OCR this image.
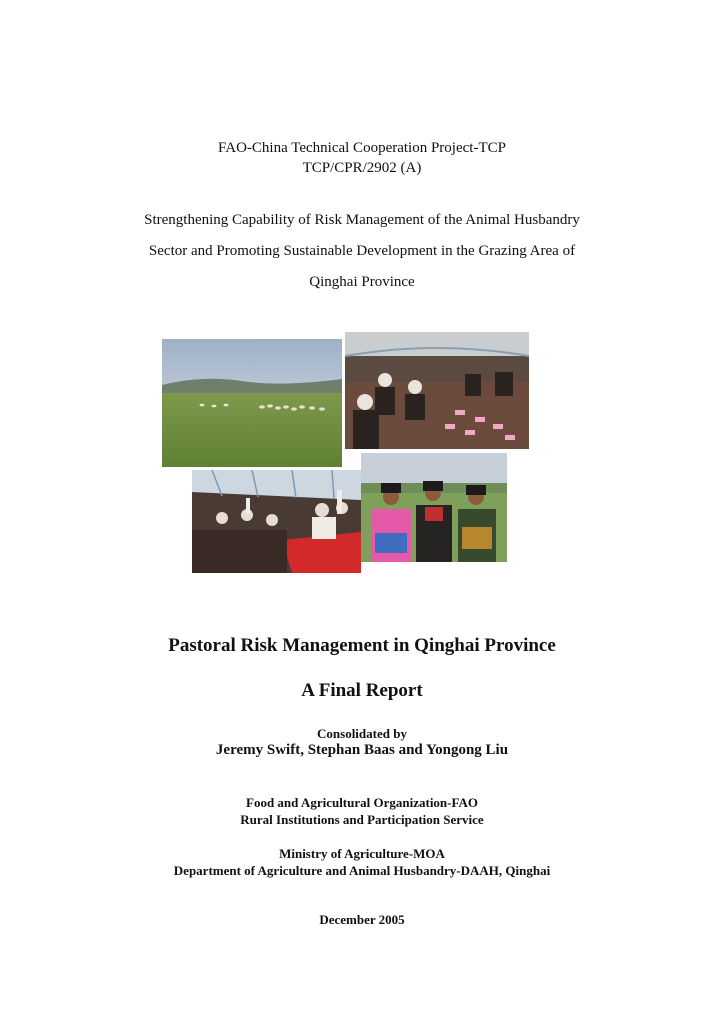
FAO-China Technical Cooperation Project-TCP
TCP/CPR/2902 (A)
Strengthening Capability of Risk Management of the Animal Husbandry
Sector and Promoting Sustainable Development in the Grazing Area of
Qinghai Province
Pastoral Risk Management in Qinghai Province
A Final Report
Consolidated by
Jeremy Swift, Stephan Baas and Yongong Liu
Food and Agricultural Organization-FAO
Rural Institutions and Participation Service
Ministry of Agriculture-MOA
Department of Agriculture and Animal Husbandry-DAAH, Qinghai
December 2005
